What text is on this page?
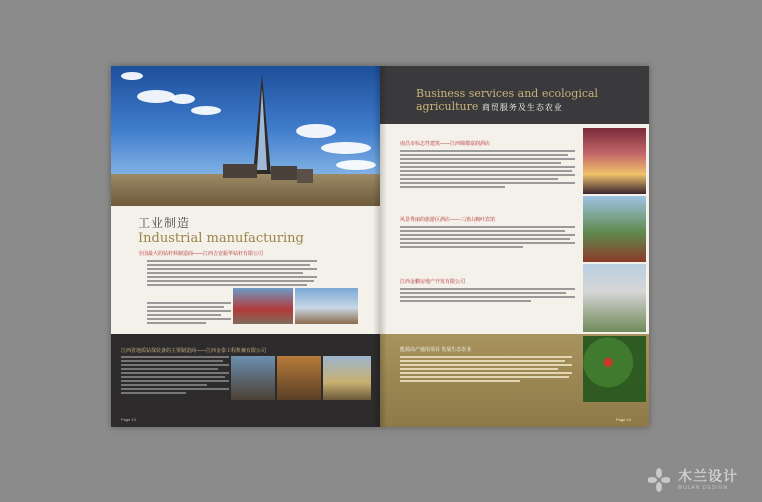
工业制造
Industrial manufacturing
全国最大的钻杆料制造商——江西吉安振华钻杆有限公司
江西省地质钻探装备的主要制造商——江西金泰工程机械有限公司
Page 13
Business services and ecological
agriculture 商贸服务及生态农业
南昌市标志性建筑——江西锦都富润酒店
风景秀丽的旅游区酒店——三清山枫叶宾馆
江西金鹏房地产开发有限公司
能源高产通用项目 发展生态农业
Page 14
木兰设计
MULAN DESIGN
